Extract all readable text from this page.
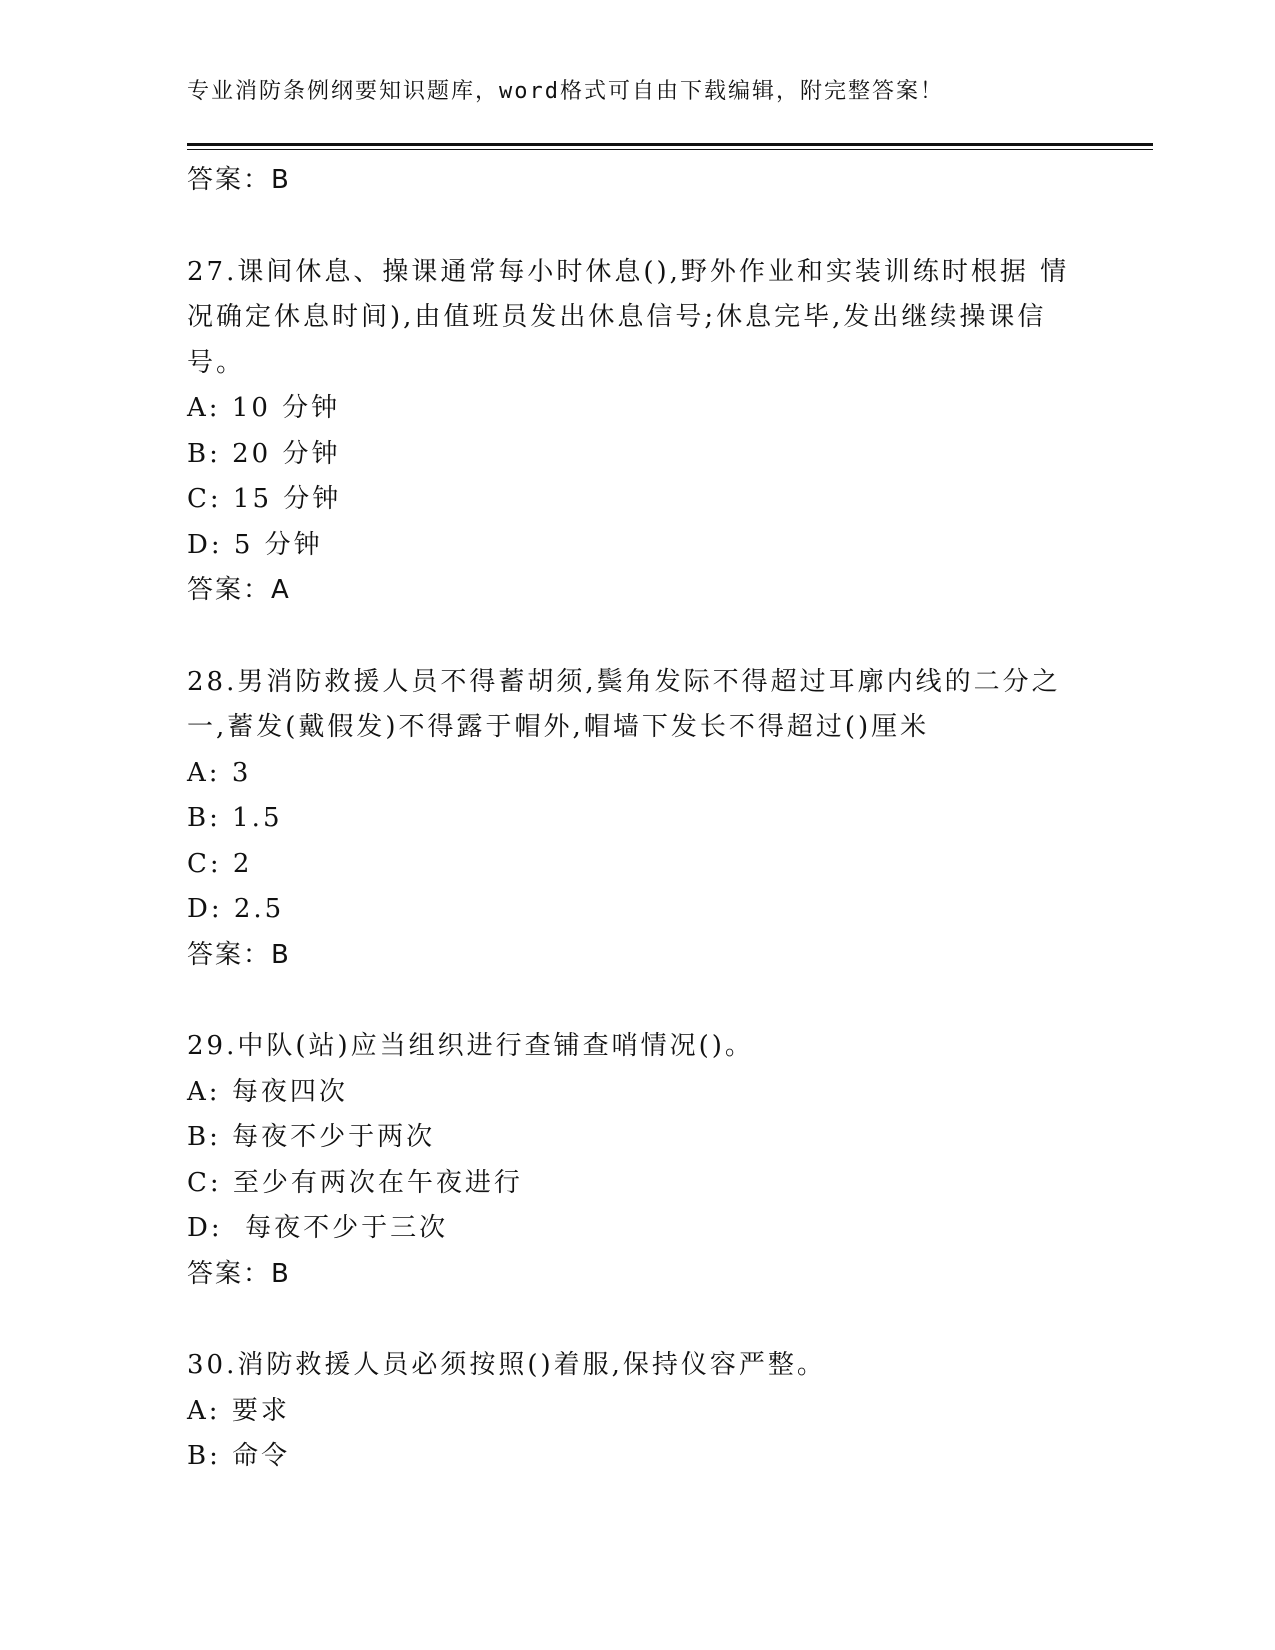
专业消防条例纲要知识题库，word格式可自由下载编辑，附完整答案！
答案：B
27.课间休息、操课通常每小时休息(),野外作业和实装训练时根据 情
况确定休息时间),由值班员发出休息信号;休息完毕,发出继续操课信
号。
A: 10 分钟
B: 20 分钟
C: 15 分钟
D: 5 分钟
答案：A
28.男消防救援人员不得蓄胡须,鬓角发际不得超过耳廓内线的二分之
一,蓄发(戴假发)不得露于帽外,帽墙下发长不得超过()厘米
A: 3
B: 1.5
C: 2
D: 2.5
答案：B
29.中队(站)应当组织进行查铺查哨情况()。
A: 每夜四次
B: 每夜不少于两次
C: 至少有两次在午夜进行
D:  每夜不少于三次
答案：B
30.消防救援人员必须按照()着服,保持仪容严整。
A: 要求
B: 命令
